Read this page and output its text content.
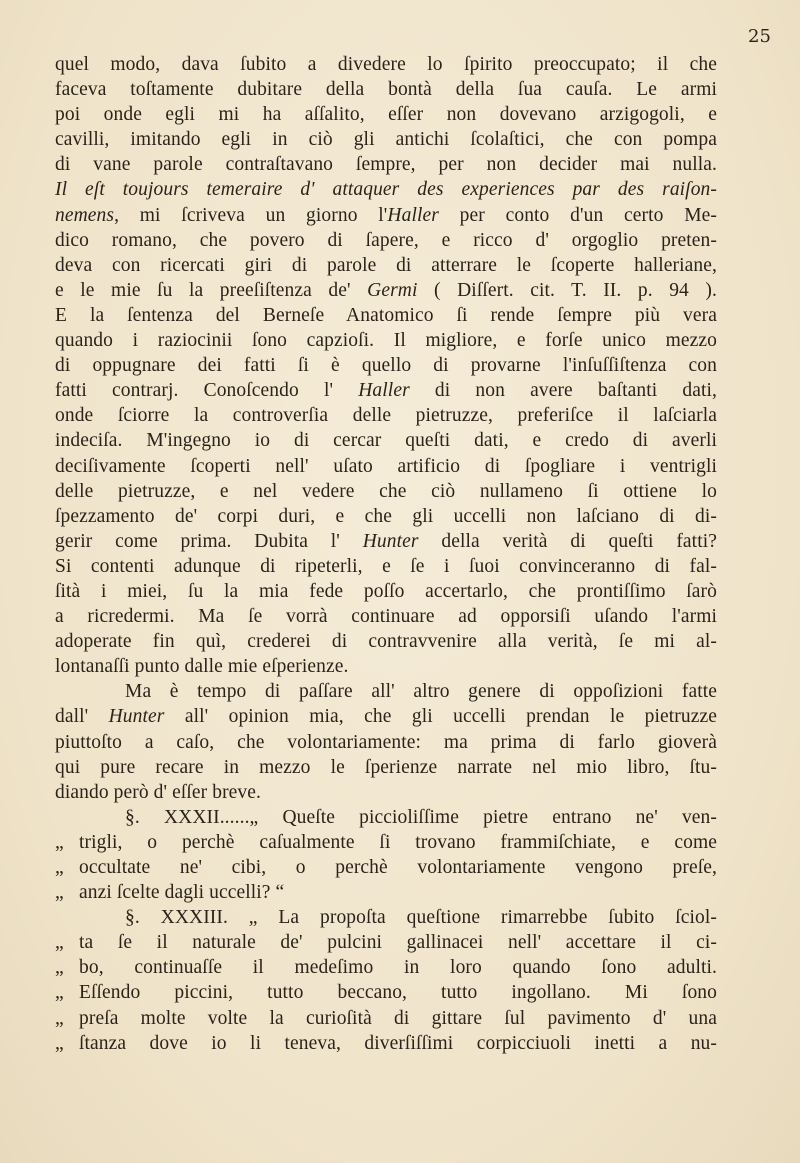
25
quel modo, dava ſubito a divedere lo ſpirito preoccupato; il che
faceva toſtamente dubitare della bontà della ſua cauſa. Le armi
poi onde egli mi ha aſſalito, eſſer non dovevano arzigogoli, e
cavilli, imitando egli in ciò gli antichi ſcolaſtici, che con pompa
di vane parole contraſtavano ſempre, per non decider mai nulla.
Il eſt toujours temeraire d' attaquer des experiences par des raiſon-
nemens, mi ſcriveva un giorno l'Haller per conto d'un certo Me-
dico romano, che povero di ſapere, e ricco d' orgoglio preten-
deva con ricercati giri di parole di atterrare le ſcoperte halleriane,
e le mie ſu la preeſiſtenza de' Germi ( Diſſert. cit. T. II. p. 94 ).
E la ſentenza del Berneſe Anatomico ſi rende ſempre più vera
quando i raziocinii ſono capzioſi. Il migliore, e forſe unico mezzo
di oppugnare dei fatti ſi è quello di provarne l'inſuſſiſtenza con
fatti contrarj. Conoſcendo l' Haller di non avere baſtanti dati,
onde ſciorre la controverſia delle pietruzze, preferiſce il laſciarla
indeciſa. M'ingegno io di cercar queſti dati, e credo di averli
deciſivamente ſcoperti nell' uſato artificio di ſpogliare i ventrigli
delle pietruzze, e nel vedere che ciò nullameno ſi ottiene lo
ſpezzamento de' corpi duri, e che gli uccelli non laſciano di di-
gerir come prima. Dubita l' Hunter della verità di queſti fatti?
Si contenti adunque di ripeterli, e ſe i ſuoi convinceranno di fal-
ſità i miei, ſu la mia fede poſſo accertarlo, che prontiſſimo ſarò
a ricredermi. Ma ſe vorrà continuare ad opporsiſi uſando l'armi
adoperate fin quì, crederei di contravvenire alla verità, ſe mi al-
lontanaſſi punto dalle mie eſperienze.
Ma è tempo di paſſare all' altro genere di oppoſizioni fatte
dall' Hunter all' opinion mia, che gli uccelli prendan le pietruzze
piuttoſto a caſo, che volontariamente: ma prima di farlo gioverà
qui pure recare in mezzo le ſperienze narrate nel mio libro, ſtu-
diando però d' eſſer breve.
§. XXXII......„ Queſte piccioliſſime pietre entrano ne' ven-
„ trigli, o perchè caſualmente ſi trovano frammiſchiate, e come
„ occultate ne' cibi, o perchè volontariamente vengono preſe,
„ anzi ſcelte dagli uccelli? “
§. XXXIII. „ La propoſta queſtione rimarrebbe ſubito ſciol-
„ ta ſe il naturale de' pulcini gallinacei nell' accettare il ci-
„ bo, continuaſſe il medeſimo in loro quando ſono adulti.
„ Eſſendo piccini, tutto beccano, tutto ingollano. Mi ſono
„ preſa molte volte la curioſità di gittare ſul pavimento d' una
„ ſtanza dove io li teneva, diverſiſſimi corpicciuoli inetti a nu-
